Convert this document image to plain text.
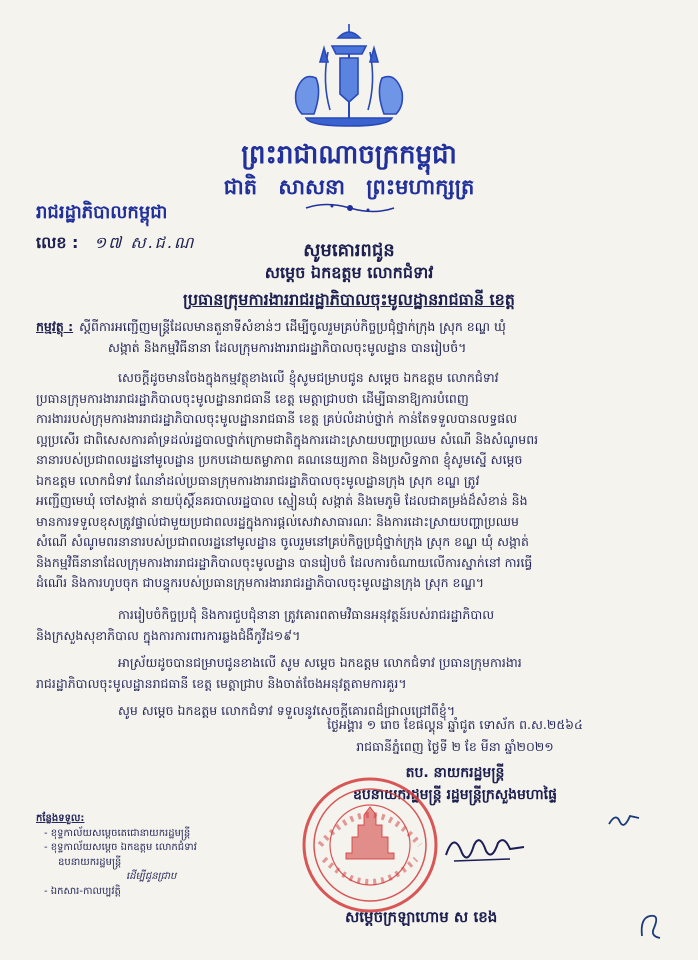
ព្រះរាជាណាចក្រកម្ពុជា
ជាតិ សាសនា ព្រះមហាក្សត្រ
រាជរដ្ឋាភិបាលកម្ពុជា
លេខ : ១៧ ស.ជ.ណ	សូមគោរពជូន
សម្តេច ឯកឧត្តម លោកជំទាវ
ប្រធានក្រុមការងាររាជរដ្ឋាភិបាលចុះមូលដ្ឋានរាជធានី ខេត្ត
កម្មវត្ថុ : ស្តីពីការអញ្ជើញមន្ត្រីដែលមានតួនាទីសំខាន់ៗ ដើម្បីចូលរួមគ្រប់កិច្ចប្រជុំថ្នាក់ក្រុង ស្រុក ខណ្ឌ ឃុំ
សង្កាត់ និងកម្មវិធីនានា ដែលក្រុមការងាររាជរដ្ឋាភិបាលចុះមូលដ្ឋាន បានរៀបចំ។
សេចក្តីដូចមានចែងក្នុងកម្មវត្ថុខាងលើ ខ្ញុំសូមជម្រាបជូន សម្តេច ឯកឧត្តម លោកជំទាវ
ប្រធានក្រុមការងាររាជរដ្ឋាភិបាលចុះមូលដ្ឋានរាជធានី ខេត្ត មេត្តាជ្រាបថា ដើម្បីធានាឱ្យការបំពេញ
ការងាររបស់ក្រុមការងាររាជរដ្ឋាភិបាលចុះមូលដ្ឋានរាជធានី ខេត្ត គ្រប់លំដាប់ថ្នាក់ កាន់តែទទួលបានលទ្ធផល
ល្អប្រសើរ ជាពិសេសការគាំទ្រដល់រដ្ឋបាលថ្នាក់ក្រោមជាតិក្នុងការដោះស្រាយបញ្ហាប្រឈម សំណើ និងសំណូមពរ
នានារបស់ប្រជាពលរដ្ឋនៅមូលដ្ឋាន ប្រកបដោយតម្លាភាព គណនេយ្យភាព និងប្រសិទ្ធភាព ខ្ញុំសូមស្នើ សម្តេច
ឯកឧត្តម លោកជំទាវ ណែនាំដល់ប្រធានក្រុមការងាររាជរដ្ឋាភិបាលចុះមូលដ្ឋានក្រុង ស្រុក ខណ្ឌ ត្រូវ
អញ្ជើញមេឃុំ ចៅសង្កាត់ នាយប៉ុស្តិ៍នគរបាលរដ្ឋបាល ស្មៀនឃុំ សង្កាត់ និងមេភូមិ ដែលជាគម្រង់ដ៏សំខាន់ និង
មានការទទួលខុសត្រូវផ្ទាល់ជាមួយប្រជាពលរដ្ឋក្នុងការផ្តល់សេវាសាធារណៈ និងការដោះស្រាយបញ្ហាប្រឈម
សំណើ សំណូមពរនានារបស់ប្រជាពលរដ្ឋនៅមូលដ្ឋាន ចូលរួមនៅគ្រប់កិច្ចប្រជុំថ្នាក់ក្រុង ស្រុក ខណ្ឌ ឃុំ សង្កាត់
និងកម្មវិធីនានាដែលក្រុមការងាររាជរដ្ឋាភិបាលចុះមូលដ្ឋាន បានរៀបចំ ដែលការចំណាយលើការស្នាក់នៅ ការធ្វើ
ដំណើរ និងការហូបចុក ជាបន្ទុករបស់ប្រធានក្រុមការងាររាជរដ្ឋាភិបាលចុះមូលដ្ឋានក្រុង ស្រុក ខណ្ឌ។
ការរៀបចំកិច្ចប្រជុំ និងការជួបជុំនានា ត្រូវគោរពតាមវិធានអនុវត្តន៍របស់រាជរដ្ឋាភិបាល
និងក្រសួងសុខាភិបាល ក្នុងការការពារការឆ្លងជំងឺកូវីដ១៩។
អាស្រ័យដូចបានជម្រាបជូនខាងលើ សូម សម្តេច ឯកឧត្តម លោកជំទាវ ប្រធានក្រុមការងារ
រាជរដ្ឋាភិបាលចុះមូលដ្ឋានរាជធានី ខេត្ត មេត្តាជ្រាប និងចាត់ចែងអនុវត្តតាមការគួរ។
សូម សម្តេច ឯកឧត្តម លោកជំទាវ ទទួលនូវសេចក្តីគោរពដ៏ជ្រាលជ្រៅពីខ្ញុំ។
ថ្ងៃអង្គារ ១ រោច ខែផល្គុន ឆ្នាំជូត ទោស័ក ព.ស.២៥៦៤
រាជធានីភ្នំពេញ ថ្ងៃទី ២ ខែ មីនា ឆ្នាំ២០២១
តប. នាយករដ្ឋមន្ត្រី
ឧបនាយករដ្ឋមន្ត្រី រដ្ឋមន្ត្រីក្រសួងមហាផ្ទៃ
សម្តេចក្រឡាហោម ស ខេង
កន្លែងទទួល:
- ខុទ្ទកាល័យសម្តេចតេជោនាយករដ្ឋមន្ត្រី
- ខុទ្ទកាល័យសម្តេច ឯកឧត្តម លោកជំទាវ
ឧបនាយករដ្ឋមន្ត្រី
ដើម្បីជូនជ្រាប
- ឯកសារ-កាលប្បវត្តិ
